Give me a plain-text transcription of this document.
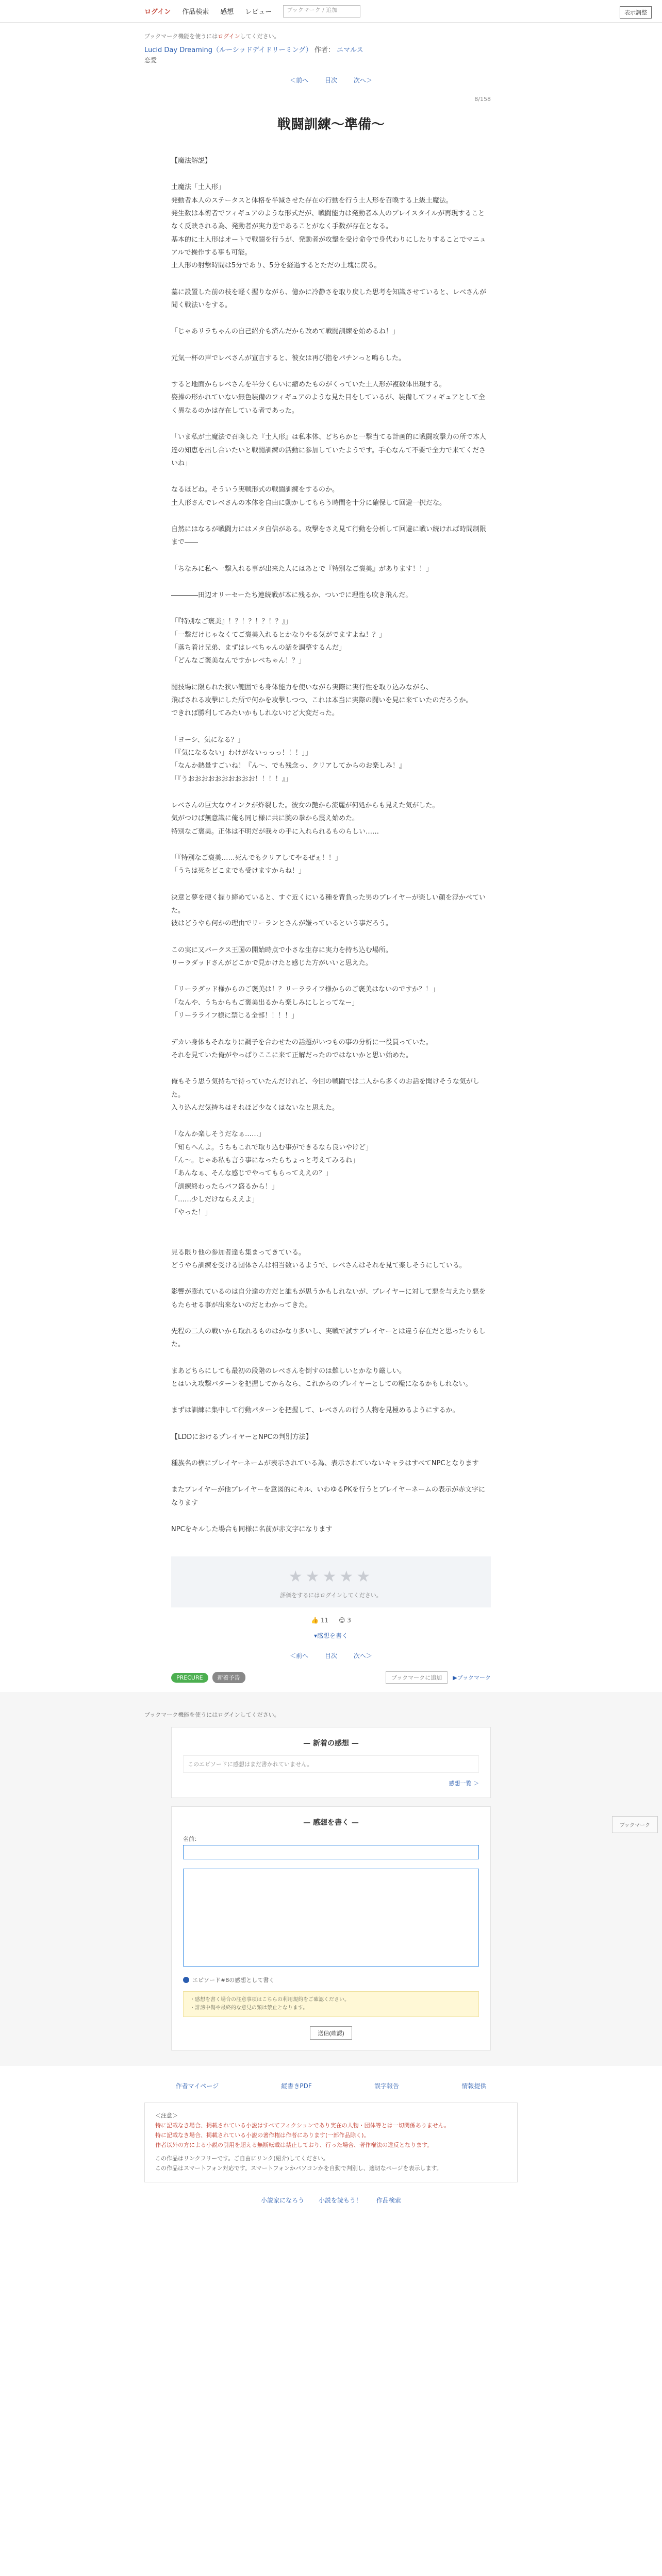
ログイン 作品検索 感想 レビュー	ブックマーク / 追加	表示調整
ブックマーク機能を使うにはログインしてください。
Lucid Day Dreaming（ルーシッドデイドリーミング） 作者： エマルス
恋愛
＜前へ	目次	次へ＞
8/158
戦闘訓練〜準備〜

【魔法解説】

土魔法「土人形」
発動者本人のステータスと体格を半減させた存在の行動を行う土人形を召喚する上級土魔法。
発生数は本術者でフィギュアのような形式だが、戦闘能力は発動者本人のプレイスタイルが再現することなく反映される為、発動者が実力差であることがなく手数が存在となる。
基本的に土人形はオートで戦闘を行うが、発動者が攻撃を受け命令で身代わりにしたりすることでマニュアルで操作する事も可能。
土人形の射撃時間は5分であり、5分を経過するとただの土塊に戻る。

墓に設置した前の枝を軽く握りながら、億かに冷静さを取り戻した思考を知識させていると、レベさんが聞く戦法いをする。

「じゃあリラちゃんの自己紹介も済んだから改めて戦闘訓練を始めるね！」

元気一杯の声でレベさんが宣言すると、彼女は再び指をパチンっと鳴らした。

すると地面からレベさんを半分くらいに縮めたものがくっていた土人形が複数体出現する。
姿操の形かれていない無色装備のフィギュアのような見た目をしているが、装備してフィギュアとして全く異なるのかは存在している者であった。

「いま私が土魔法で召喚した『土人形』は私本体、どちらかと一撃当てる計画的に戦闘攻撃力の所で本人達の知恵を出し合いたいと戦闘訓練の活動に参加していたようです。手心なんて不要で全力で来てくださいね」

なるほどね。そういう実戦形式の戦闘訓練をするのか。
土人形さんでレベさんの本体を自由に動かしてもらう時間を十分に確保して回避一択だな。

自然にはなるが戦闘力にはメタ自信がある。攻撃をさえ見て行動を分析して回避に戦い続ければ時間制限まで――

「ちなみに私へ一撃入れる事が出来た人にはあとで『特別なご褒美』があります！！」

――――田辺オリーセーたち連続戦が本に残るか、ついでに理性も吹き飛んだ。

「『特別なご褒美』！？！？！？！？』」
「一撃だけじゃなくてご褒美入れるとかなりやる気がでますよね！？」
「落ち着け兄弟、まずはレベちゃんの話を調整するんだ」
「どんなご褒美なんですかレベちゃん！？」

闘技場に限られた狭い範囲でも身体能力を使いながら実際に実行性を取り込みながら、
飛ばされる攻撃にした所で何かを攻撃しつつ、これは本当に実際の闘いを見に来ていたのだろうか。
できれば勝利してみたいかもしれないけど大変だった。

「ヨーシ、気になる？」
「『気になるない」わけがないっっっ！！！」」
「なんか熱量すごいね！『ん〜、でも残念っ、クリアしてからのお楽しみ！』
「『うおおおおおおおおおお！！！！』」

レベさんの巨大なウインクが炸裂した。彼女の艶から流麗が何処からも見えた気がした。
気がつけば無意識に俺も同じ様に共に腕の拳から震え始めた。
特別なご褒美。正体は不明だが我々の手に入れられるものらしい……

「『特別なご褒美……死んでもクリアしてやるぜぇ！！」
「うちは死をどこまでも受けますからね！」

決意と夢を硬く握り締めていると、すぐ近くにいる種を背負った男のプレイヤーが楽しい顔を浮かべていた。
彼はどうやら何かの理由でリーランとさんが嫌っているという事だろう。

この実に又バークス王国の開始時点で小さな生存に実力を持ち込む場所。
リーラダッドさんがどこかで見かけたと感じた方がいいと思えた。

「リーラダッド様からのご褒美は！？リーラライフ様からのご褒美はないのですか？！」
「なんや、うちからもご褒美出るから楽しみにしとってなー」
「リーラライフ様に禁じる全部！！！！」

デカい身体もそれなりに調子を合わせたの話題がいつもの事の分析に一役買っていた。
それを見ていた俺がやっぱりここに来て正解だったのではないかと思い始めた。

俺もそう思う気持ちで待っていたんだけれど、今回の戦闘では二人から多くのお話を聞けそうな気がした。
入り込んだ気持ちはそれほど少なくはないなと思えた。

「なんか楽しそうだなぁ……」
「知らへんよ。うちもこれで取り込む事ができるなら良いやけど」
「ん〜。じゃあ私も言う事になったらちょっと考えてみるね」
「あんなぁ、そんな感じでやってもらってええの？」
「訓練終わったらバフ盛るから！」
「……少しだけならええよ」
「やった！」

見る限り他の参加者達も集まってきている。
どうやら訓練を受ける団体さんは相当数いるようで、レベさんはそれを見て楽しそうにしている。

影響が膨れているのは自分達の方だと誰もが思うかもしれないが、プレイヤーに対して悪を与えたり悪をもたらせる事が出来ないのだとわかってきた。

先程の二人の戦いから取れるものはかなり多いし、実戦で試すプレイヤーとは違う存在だと思ったりもした。

まあどちらにしても最初の段階のレベさんを倒すのは難しいとかなり厳しい。
とはいえ攻撃パターンを把握してからなら、これからのプレイヤーとしての糧になるかもしれない。

まずは訓練に集中して行動パターンを把握して、レベさんの行う人物を見極めるようにするか。

【LDDにおけるプレイヤーとNPCの判別方法】

種族名の横にプレイヤーネームが表示されている為、表示されていないキャラはすべてNPCとなります

またプレイヤーが他プレイヤーを意図的にキル、いわゆるPKを行うとプレイヤーネームの表示が赤文字になります

NPCをキルした場合も同様に名前が赤文字になります

ブックマーク
★★★★★
評価をするにはログインしてください。
👍 11 😊 3
▾感想を書く
＜前へ	目次	次へ＞
PRECURE	新着予告	ブックマークに追加	▶ブックマーク
ブックマーク機能を使うにはログインしてください。
— 新着の感想 —
このエピソードに感想はまだ書かれていません。
感想一覧 ＞
— 感想を書く —
名前：
エピソード#8の感想として書く
・感想を書く場合の注意事項はこちらの利用規約をご確認ください。
・誹謗中傷や最終的な意見の類は禁止となります。
送信(確認)
作者マイページ	縦書きPDF	誤字報告	情報提供
＜注意＞
特に記載なき場合、掲載されている小説はすべてフィクションであり実在の人物・団体等とは一切関係ありません。
特に記載なき場合、掲載されている小説の著作権は作者にあります(一部作品除く)。
作者以外の方による小説の引用を超える無断転載は禁止しており、行った場合、著作権法の違反となります。
この作品はリンクフリーです。ご自由にリンク(紹介)してください。
この作品はスマートフォン対応です。スマートフォンかパソコンかを自動で判別し、適切なページを表示します。
小説家になろう 小説を読もう！ 作品検索
